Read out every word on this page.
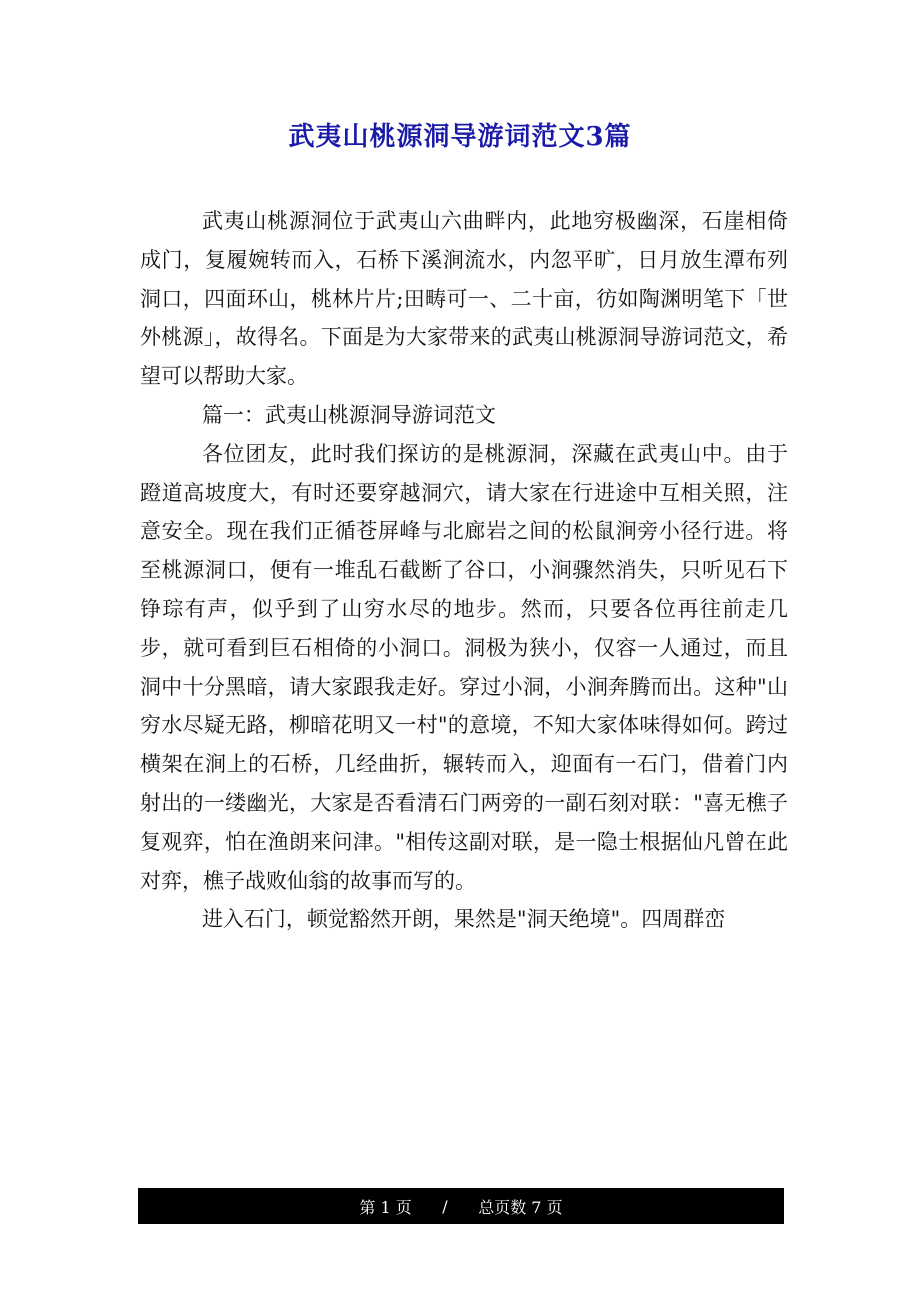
武夷山桃源洞导游词范文3篇

武夷山桃源洞位于武夷山六曲畔内，此地穷极幽深，石崖相倚成门，复履婉转而入，石桥下溪涧流水，内忽平旷，日月放生潭布列洞口，四面环山，桃林片片;田畴可一、二十亩，彷如陶渊明笔下「世外桃源」，故得名。下面是为大家带来的武夷山桃源洞导游词范文，希望可以帮助大家。

篇一：武夷山桃源洞导游词范文

各位团友，此时我们探访的是桃源洞，深藏在武夷山中。由于蹬道高坡度大，有时还要穿越洞穴，请大家在行进途中互相关照，注意安全。现在我们正循苍屏峰与北廊岩之间的松鼠涧旁小径行进。将至桃源洞口，便有一堆乱石截断了谷口，小涧骤然消失，只听见石下铮琮有声，似乎到了山穷水尽的地步。然而，只要各位再往前走几步，就可看到巨石相倚的小洞口。洞极为狭小，仅容一人通过，而且洞中十分黑暗，请大家跟我走好。穿过小洞，小涧奔腾而出。这种"山穷水尽疑无路，柳暗花明又一村"的意境，不知大家体味得如何。跨过横架在涧上的石桥，几经曲折，辗转而入，迎面有一石门，借着门内射出的一缕幽光，大家是否看清石门两旁的一副石刻对联："喜无樵子复观弈，怕在渔朗来问津。"相传这副对联，是一隐士根据仙凡曾在此对弈，樵子战败仙翁的故事而写的。

进入石门，顿觉豁然开朗，果然是"洞天绝境"。四周群峦

第 1 页
/
总页数 7 页
